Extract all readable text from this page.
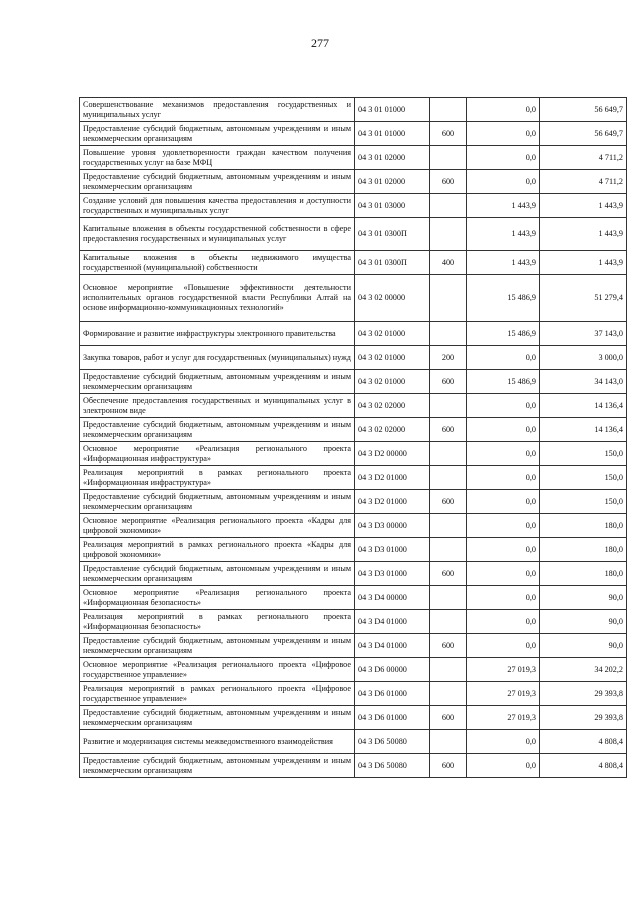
277
Совершенствование механизмов предоставления государственных и муниципальных услуг	04 3 01 01000		0,0	56 649,7
Предоставление субсидий бюджетным, автономным учреждениям и иным некоммерческим организациям	04 3 01 01000	600	0,0	56 649,7
Повышение уровня удовлетворенности граждан качеством получения государственных услуг на базе МФЦ	04 3 01 02000		0,0	4 711,2
Предоставление субсидий бюджетным, автономным учреждениям и иным некоммерческим организациям	04 3 01 02000	600	0,0	4 711,2
Создание условий для повышения качества предоставления и доступности государственных и муниципальных услуг	04 3 01 03000		1 443,9	1 443,9
Капитальные вложения в объекты государственной собственности в сфере предоставления государственных и муниципальных услуг	04 3 01 0300П		1 443,9	1 443,9
Капитальные вложения в объекты недвижимого имущества государственной (муниципальной) собственности	04 3 01 0300П	400	1 443,9	1 443,9
Основное мероприятие «Повышение эффективности деятельности исполнительных органов государственной власти Республики Алтай на основе информационно-коммуникационных технологий»	04 3 02 00000		15 486,9	51 279,4
Формирование и развитие инфраструктуры электронного правительства	04 3 02 01000		15 486,9	37 143,0
Закупка товаров, работ и услуг для государственных (муниципальных) нужд	04 3 02 01000	200	0,0	3 000,0
Предоставление субсидий бюджетным, автономным учреждениям и иным некоммерческим организациям	04 3 02 01000	600	15 486,9	34 143,0
Обеспечение предоставления государственных и муниципальных услуг в электронном виде	04 3 02 02000		0,0	14 136,4
Предоставление субсидий бюджетным, автономным учреждениям и иным некоммерческим организациям	04 3 02 02000	600	0,0	14 136,4
Основное мероприятие «Реализация регионального проекта «Информационная инфраструктура»	04 3 D2 00000		0,0	150,0
Реализация мероприятий в рамках регионального проекта «Информационная инфраструктура»	04 3 D2 01000		0,0	150,0
Предоставление субсидий бюджетным, автономным учреждениям и иным некоммерческим организациям	04 3 D2 01000	600	0,0	150,0
Основное мероприятие «Реализация регионального проекта «Кадры для цифровой экономики»	04 3 D3 00000		0,0	180,0
Реализация мероприятий в рамках регионального проекта «Кадры для цифровой экономики»	04 3 D3 01000		0,0	180,0
Предоставление субсидий бюджетным, автономным учреждениям и иным некоммерческим организациям	04 3 D3 01000	600	0,0	180,0
Основное мероприятие «Реализация регионального проекта «Информационная безопасность»	04 3 D4 00000		0,0	90,0
Реализация мероприятий в рамках регионального проекта «Информационная безопасность»	04 3 D4 01000		0,0	90,0
Предоставление субсидий бюджетным, автономным учреждениям и иным некоммерческим организациям	04 3 D4 01000	600	0,0	90,0
Основное мероприятие «Реализация регионального проекта «Цифровое государственное управление»	04 3 D6 00000		27 019,3	34 202,2
Реализация мероприятий в рамках регионального проекта «Цифровое государственное управление»	04 3 D6 01000		27 019,3	29 393,8
Предоставление субсидий бюджетным, автономным учреждениям и иным некоммерческим организациям	04 3 D6 01000	600	27 019,3	29 393,8
Развитие и модернизация системы межведомственного взаимодействия	04 3 D6 50080		0,0	4 808,4
Предоставление субсидий бюджетным, автономным учреждениям и иным некоммерческим организациям	04 3 D6 50080	600	0,0	4 808,4
